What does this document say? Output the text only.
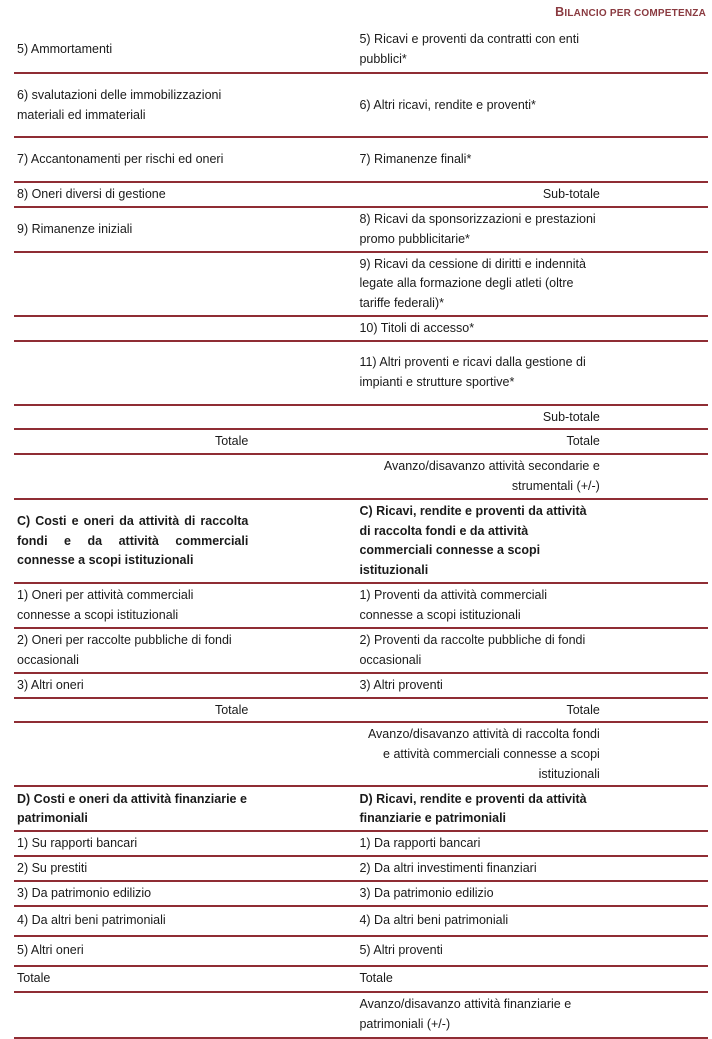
BILANCIO PER COMPETENZA
5) Ammortamenti			5) Ricavi e proventi da contratti con enti pubblici*		
6) svalutazioni delle immobilizzazioni materiali ed immateriali			6) Altri ricavi, rendite e proventi*		
7) Accantonamenti per rischi ed oneri			7) Rimanenze finali*		
8) Oneri diversi di gestione			Sub-totale		
9) Rimanenze iniziali			8) Ricavi da sponsorizzazioni e prestazioni promo pubblicitarie*		
			9) Ricavi da cessione di diritti e indennità legate alla formazione degli atleti (oltre tariffe federali)*		
			10) Titoli di accesso*		
			11) Altri proventi e ricavi dalla gestione di impianti e strutture sportive*		
			Sub-totale		
Totale			Totale		
			Avanzo/disavanzo attività secondarie e strumentali (+/-)		
C) Costi e oneri da attività di raccolta fondi e da attività commerciali connesse a scopi istituzionali			C) Ricavi, rendite e proventi da attività di raccolta fondi e da attività commerciali connesse a scopi istituzionali		
1) Oneri per attività commerciali connesse a scopi istituzionali			1) Proventi da attività commerciali connesse a scopi istituzionali		
2) Oneri per raccolte pubbliche di fondi occasionali			2) Proventi da raccolte pubbliche di fondi occasionali		
3) Altri oneri			3) Altri proventi		
Totale			Totale		
			Avanzo/disavanzo attività di raccolta fondi e attività commerciali connesse a scopi istituzionali		
D) Costi e oneri da attività finanziarie e patrimoniali			D) Ricavi, rendite e proventi da attività finanziarie e patrimoniali		
1) Su rapporti bancari			1) Da rapporti bancari		
2) Su prestiti			2) Da altri investimenti finanziari		
3) Da patrimonio edilizio			3) Da patrimonio edilizio		
4) Da altri beni patrimoniali			4) Da altri beni patrimoniali		
5) Altri oneri			5) Altri proventi		
Totale			Totale		
			Avanzo/disavanzo attività finanziarie e patrimoniali (+/-)		
